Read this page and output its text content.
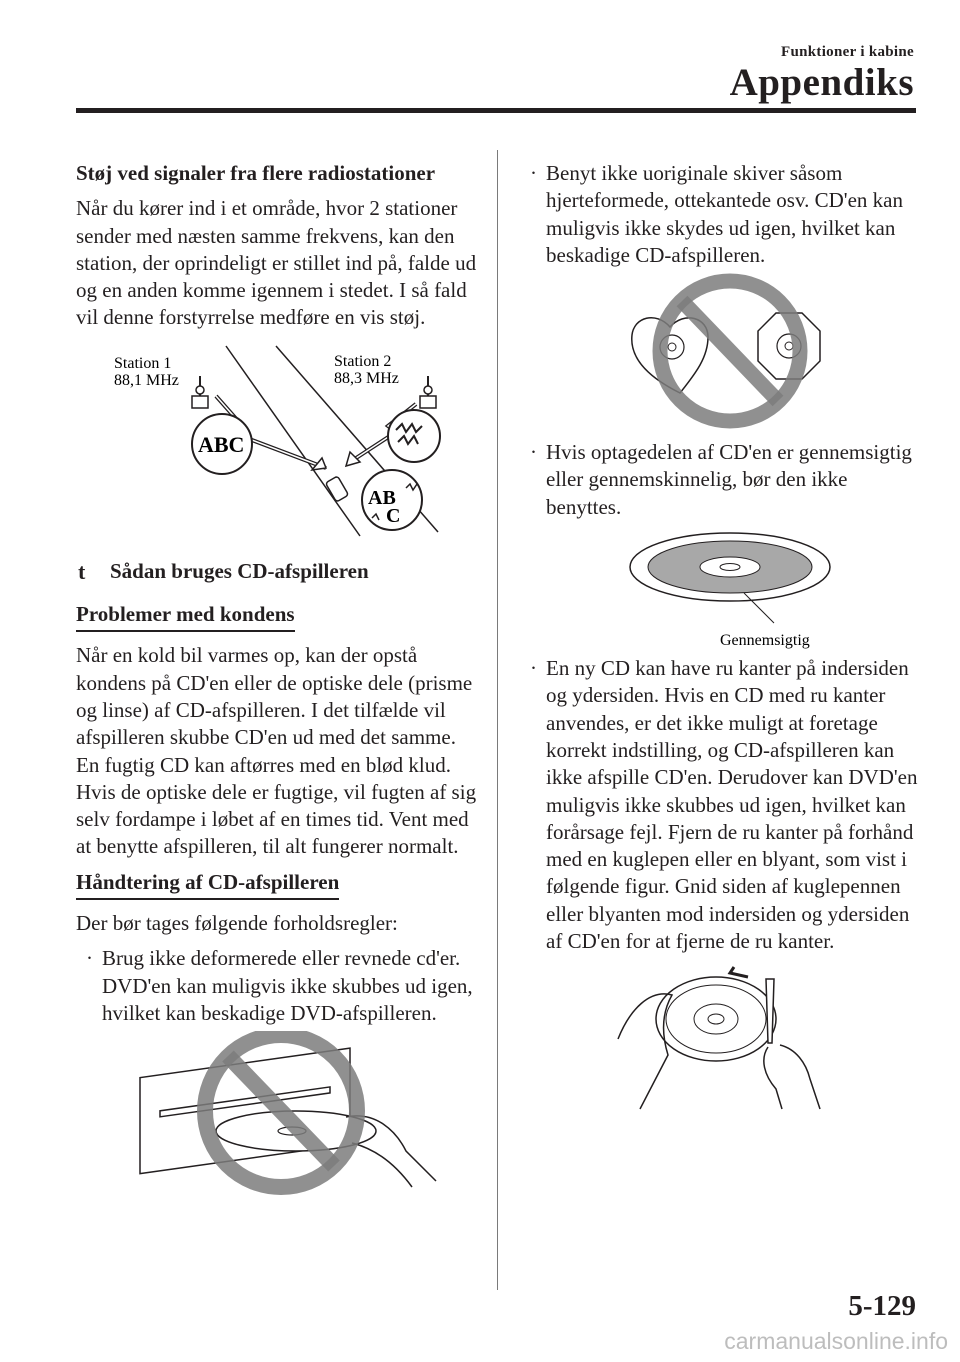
Funktioner i kabine
Appendiks
Støj ved signaler fra flere radiostationer
Når du kører ind i et område, hvor 2 stationer sender med næsten samme frekvens, kan den station, der oprindeligt er stillet ind på, falde ud og en anden komme igennem i stedet. I så fald vil denne forstyrrelse medføre en vis støj.
Station 1
88,1 MHz
Station 2
88,3 MHz
ABC
AB
C
t Sådan bruges CD-afspilleren
Problemer med kondens
Når en kold bil varmes op, kan der opstå kondens på CD'en eller de optiske dele (prisme og linse) af CD-afspilleren. I det tilfælde vil afspilleren skubbe CD'en ud med det samme. En fugtig CD kan aftørres med en blød klud. Hvis de optiske dele er fugtige, vil fugten af sig selv fordampe i løbet af en times tid. Vent med at benytte afspilleren, til alt fungerer normalt.
Håndtering af CD-afspilleren
Der bør tages følgende forholdsregler:
· Brug ikke deformerede eller revnede cd'er. DVD'en kan muligvis ikke skubbes ud igen, hvilket kan beskadige DVD-afspilleren.
· Benyt ikke uoriginale skiver såsom hjerteformede, ottekantede osv. CD'en kan muligvis ikke skydes ud igen, hvilket kan beskadige CD-afspilleren.
· Hvis optagedelen af CD'en er gennemsigtig eller gennemskinnelig, bør den ikke benyttes.
Gennemsigtig
· En ny CD kan have ru kanter på indersiden og ydersiden. Hvis en CD med ru kanter anvendes, er det ikke muligt at foretage korrekt indstilling, og CD-afspilleren kan ikke afspille CD'en. Derudover kan DVD'en muligvis ikke skubbes ud igen, hvilket kan forårsage fejl. Fjern de ru kanter på forhånd med en kuglepen eller en blyant, som vist i følgende figur. Gnid siden af kuglepennen eller blyanten mod indersiden og ydersiden af CD'en for at fjerne de ru kanter.
5-129
carmanualsonline.info
